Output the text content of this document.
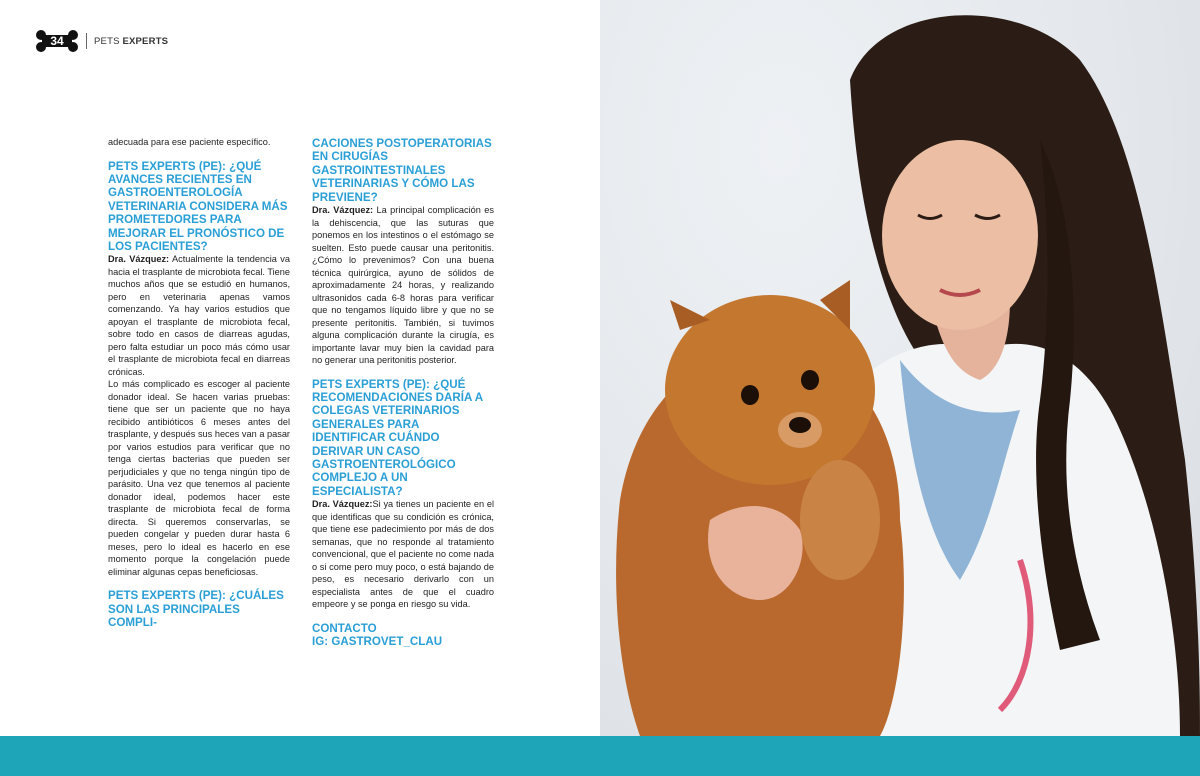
34	PETS EXPERTS

adecuada para ese paciente específico.

PETS EXPERTS (PE): ¿QUÉ AVANCES RECIENTES EN GASTROENTEROLOGÍA VETERINARIA CONSIDERA MÁS PROMETEDORES PARA MEJORAR EL PRONÓSTICO DE LOS PACIENTES?

Dra. Vázquez: Actualmente la tendencia va hacia el trasplante de microbiota fecal. Tiene muchos años que se estudió en humanos, pero en veterinaria apenas vamos comenzando. Ya hay varios estudios que apoyan el trasplante de microbiota fecal, sobre todo en casos de diarreas agudas, pero falta estudiar un poco más cómo usar el trasplante de microbiota fecal en diarreas crónicas.

Lo más complicado es escoger al paciente donador ideal. Se hacen varias pruebas: tiene que ser un paciente que no haya recibido antibióticos 6 meses antes del trasplante, y después sus heces van a pasar por varios estudios para verificar que no tenga ciertas bacterias que pueden ser perjudiciales y que no tenga ningún tipo de parásito. Una vez que tenemos al paciente donador ideal, podemos hacer este trasplante de microbiota fecal de forma directa. Si queremos conservarlas, se pueden congelar y pueden durar hasta 6 meses, pero lo ideal es hacerlo en ese momento porque la congelación puede eliminar algunas cepas beneficiosas.

PETS EXPERTS (PE): ¿CUÁLES SON LAS PRINCIPALES COMPLI-

CACIONES POSTOPERATORIAS EN CIRUGÍAS GASTROINTESTINALES VETERINARIAS Y CÓMO LAS PREVIENE?

Dra. Vázquez: La principal complicación es la dehiscencia, que las suturas que ponemos en los intestinos o el estómago se suelten. Esto puede causar una peritonitis. ¿Cómo lo prevenimos? Con una buena técnica quirúrgica, ayuno de sólidos de aproximadamente 24 horas, y realizando ultrasonidos cada 6-8 horas para verificar que no tengamos líquido libre y que no se presente peritonitis. También, si tuvimos alguna complicación durante la cirugía, es importante lavar muy bien la cavidad para no generar una peritonitis posterior.

PETS EXPERTS (PE): ¿QUÉ RECOMENDACIONES DARÍA A COLEGAS VETERINARIOS GENERALES PARA IDENTIFICAR CUÁNDO DERIVAR UN CASO GASTROENTEROLÓGICO COMPLEJO A UN ESPECIALISTA?

Dra. Vázquez:Si ya tienes un paciente en el que identificas que su condición es crónica, que tiene ese padecimiento por más de dos semanas, que no responde al tratamiento convencional, que el paciente no come nada o si come pero muy poco, o está bajando de peso, es necesario derivarlo con un especialista antes de que el cuadro empeore y se ponga en riesgo su vida.

CONTACTO

IG: GASTROVET_CLAU
